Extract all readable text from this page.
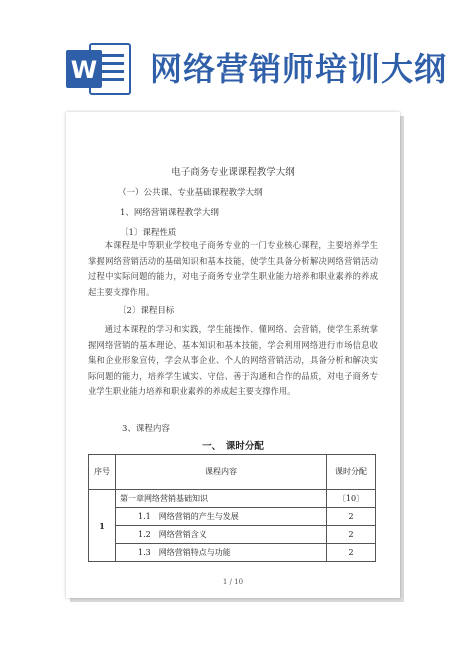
W 网络营销师培训大纲
电子商务专业课课程教学大纲
（一）公共课、专业基础课程教学大纲
1、网络营销课程教学大纲
〔1〕课程性质
本课程是中等职业学校电子商务专业的一门专业核心课程，主要培养学生掌握网络营销活动的基础知识和基本技能，使学生具备分析解决网络营销活动过程中实际问题的能力，对电子商务专业学生职业能力培养和职业素养的养成起主要支撑作用。
〔2〕课程目标
通过本课程的学习和实践，学生能操作、懂网络、会营销，使学生系统掌握网络营销的基本理论、基本知识和基本技能，学会利用网络进行市场信息收集和企业形象宣传，学会从事企业、个人的网络营销活动，具备分析和解决实际问题的能力，培养学生诚实、守信、善于沟通和合作的品质，对电子商务专业学生职业能力培养和职业素养的养成起主要支撑作用。
3、课程内容
一、　课时分配
序号	课程内容	课时分配
1	第一章网络营销基础知识	〔10〕
	1.1　网络营销的产生与发展	2
	1.2　网络营销含义	2
	1.3　网络营销特点与功能	2
1 / 10
